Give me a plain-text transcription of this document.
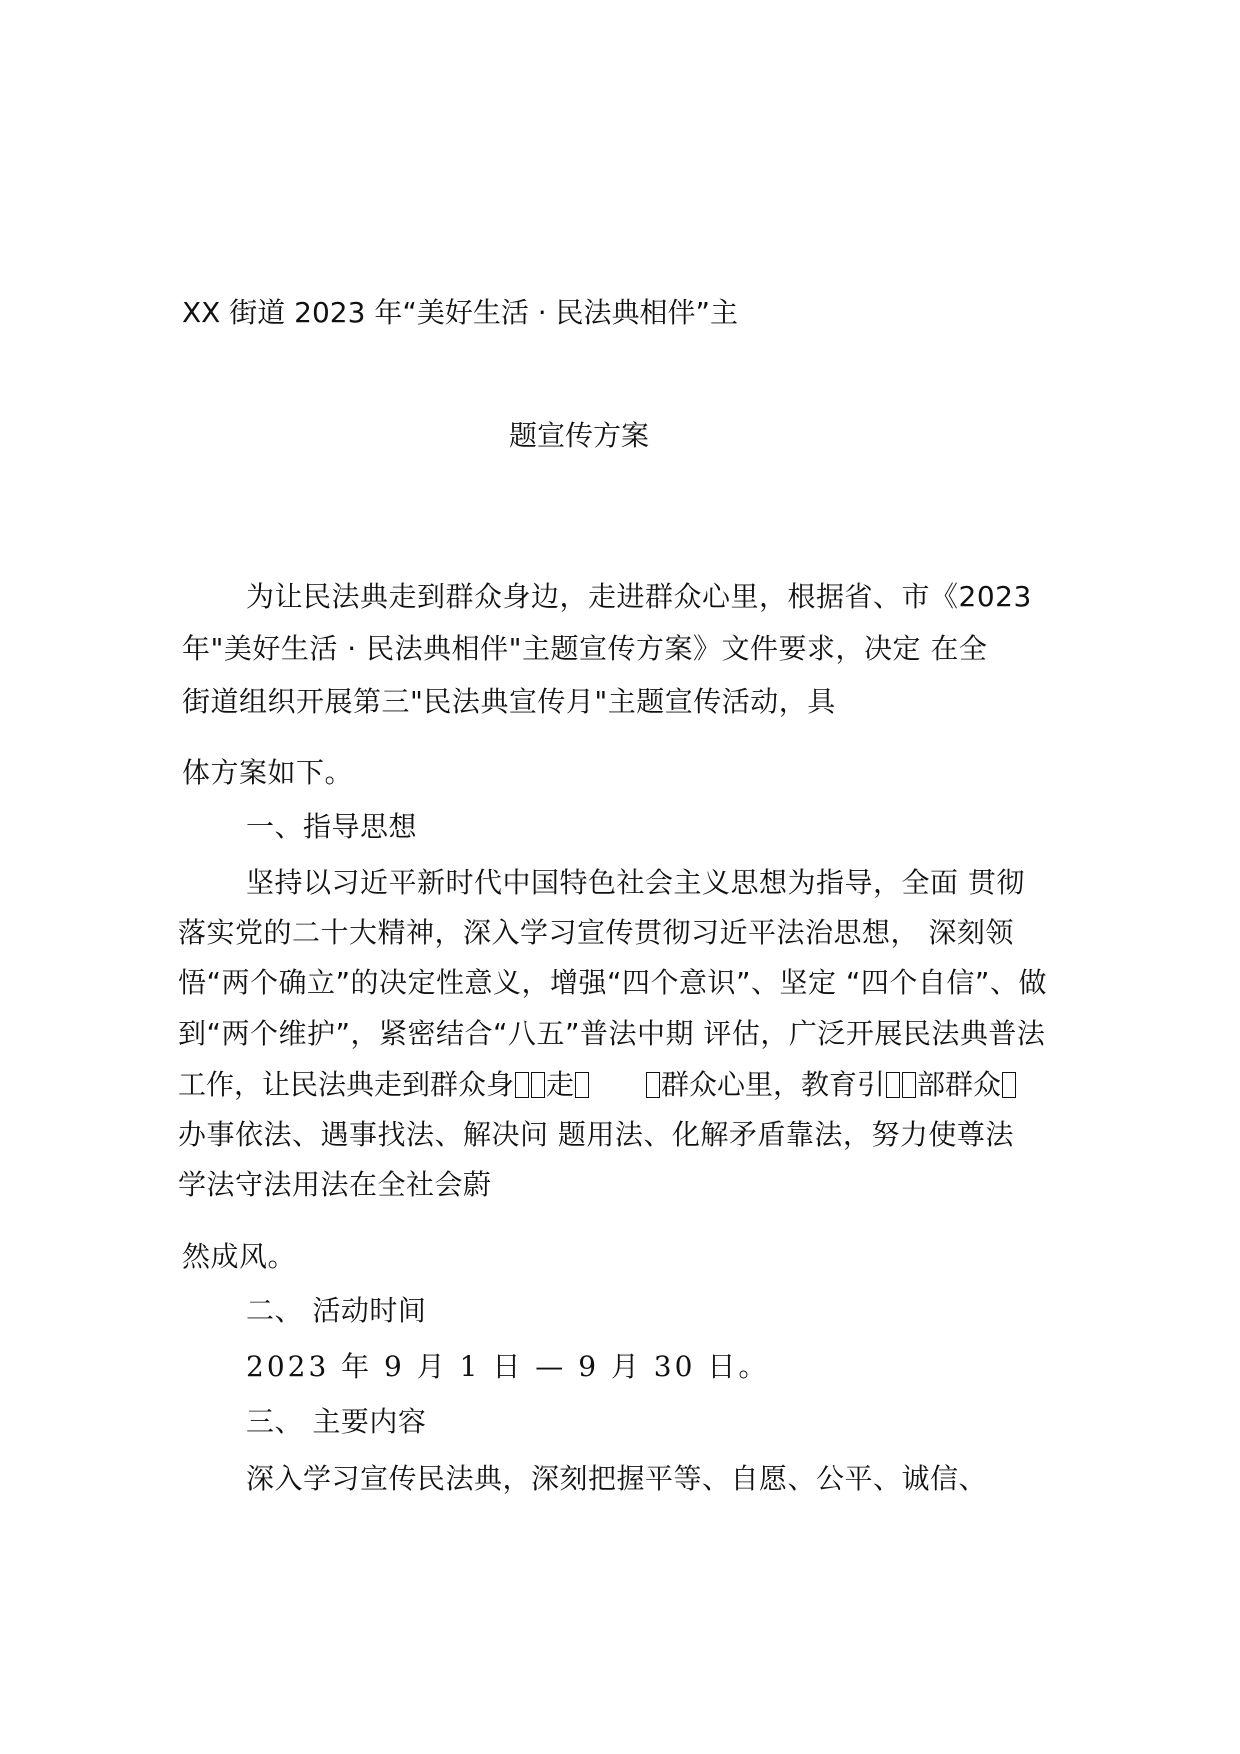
XX 街道 2023 年“美好生活 · 民法典相伴”主
题宣传方案
为让民法典走到群众身边，走进群众心里，根据省、市《2023
年"美好生活 · 民法典相伴"主题宣传方案》文件要求，决定 在全
街道组织开展第三"民法典宣传月"主题宣传活动，具
体方案如下。
一、指导思想
坚持以习近平新时代中国特色社会主义思想为指导，全面 贯彻
落实党的二十大精神，深入学习宣传贯彻习近平法治思想， 深刻领
悟“两个确立”的决定性意义，增强“四个意识”、坚定 “四个自信”、做
到“两个维护”，紧密结合“八五”普法中期 评估，广泛开展民法典普法
工作，让民法典走到群众身 走	群众心里，教育引 部群众
办事依法、遇事找法、解决问 题用法、化解矛盾靠法，努力使尊法
学法守法用法在全社会蔚
然成风。
二、 活动时间
2023 年 9 月 1 日 — 9 月 30 日。
三、 主要内容
深入学习宣传民法典，深刻把握平等、自愿、公平、诚信、
